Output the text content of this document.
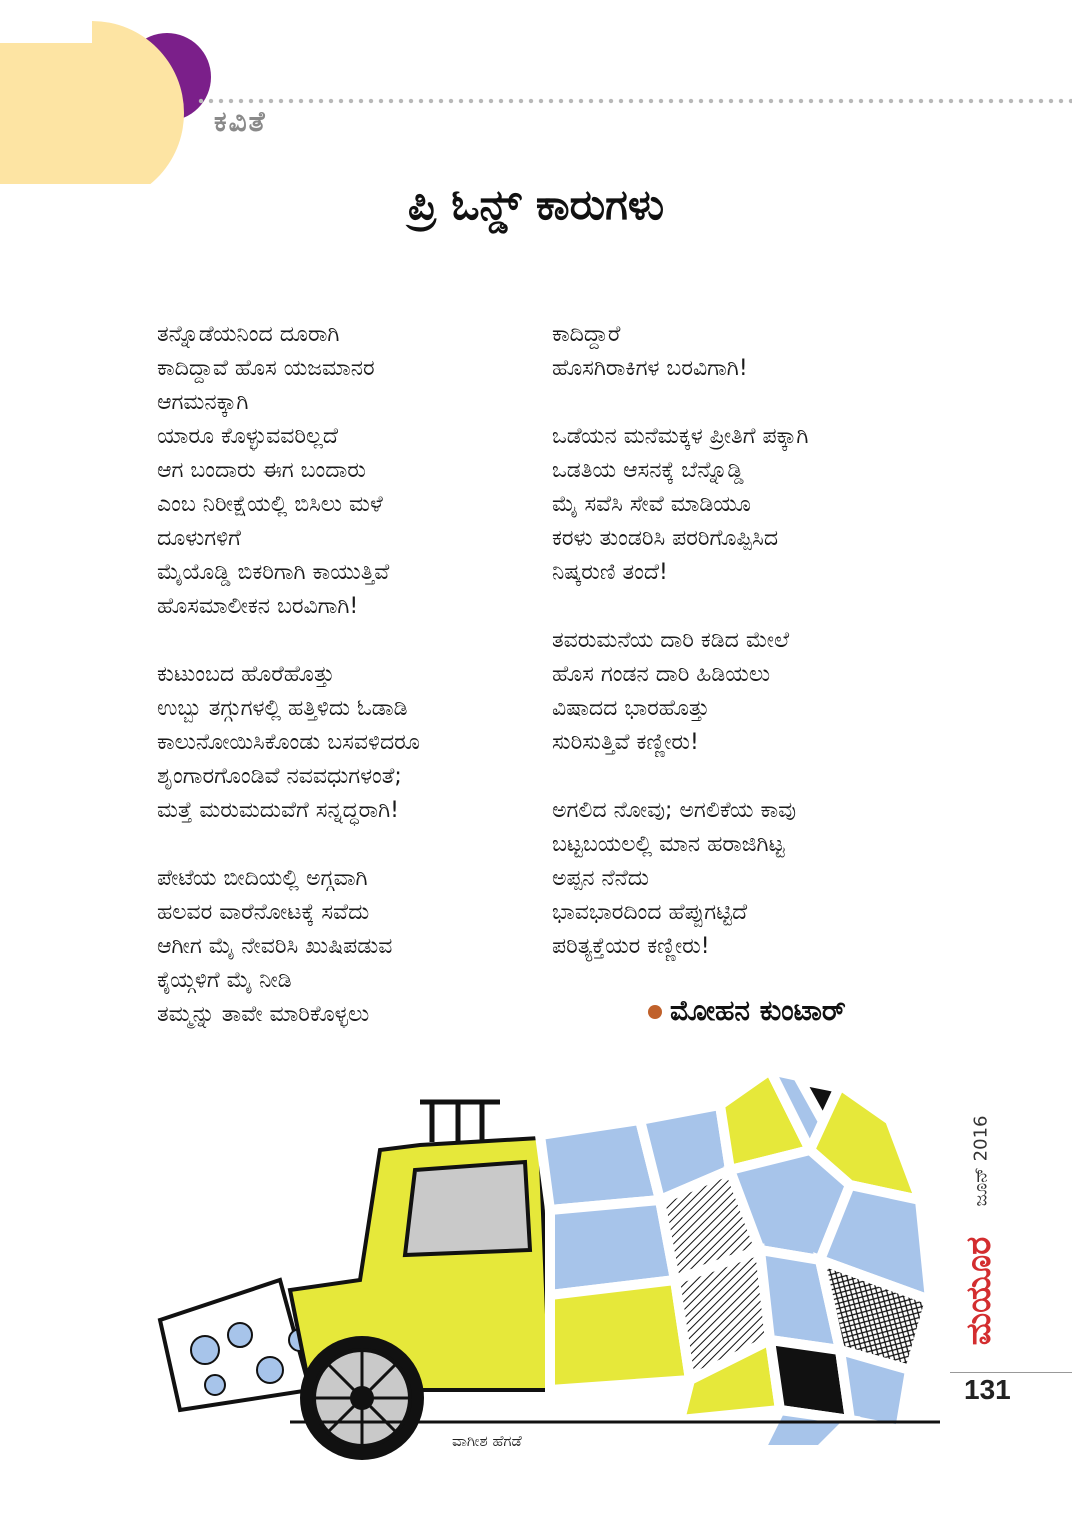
ಕವಿತೆ
ಪ್ರಿ ಓನ್ಡ್ ಕಾರುಗಳು
ತನ್ನೊಡೆಯನಿಂದ ದೂರಾಗಿ
ಕಾದಿದ್ದಾವೆ ಹೊಸ ಯಜಮಾನರ
ಆಗಮನಕ್ಕಾಗಿ
ಯಾರೂ ಕೊಳ್ಳುವವರಿಲ್ಲದೆ
ಆಗ ಬಂದಾರು ಈಗ ಬಂದಾರು
ಎಂಬ ನಿರೀಕ್ಷೆಯಲ್ಲಿ ಬಿಸಿಲು ಮಳೆ
ದೂಳುಗಳಿಗೆ
ಮೈಯೊಡ್ಡಿ ಬಿಕರಿಗಾಗಿ ಕಾಯುತ್ತಿವೆ
ಹೊಸಮಾಲೀಕನ ಬರವಿಗಾಗಿ!
ಕುಟುಂಬದ ಹೊರೆಹೊತ್ತು
ಉಬ್ಬು ತಗ್ಗುಗಳಲ್ಲಿ ಹತ್ತಿಳಿದು ಓಡಾಡಿ
ಕಾಲುನೋಯಿಸಿಕೊಂಡು ಬಸವಳಿದರೂ
ಶೃಂಗಾರಗೊಂಡಿವೆ ನವವಧುಗಳಂತೆ;
ಮತ್ತೆ ಮರುಮದುವೆಗೆ ಸನ್ನದ್ಧರಾಗಿ!
ಪೇಟೆಯ ಬೀದಿಯಲ್ಲಿ ಅಗ್ಗವಾಗಿ
ಹಲವರ ವಾರೆನೋಟಕ್ಕೆ ಸವೆದು
ಆಗೀಗ ಮೈ ನೇವರಿಸಿ ಖುಷಿಪಡುವ
ಕೈಯ್ಗಳಿಗೆ ಮೈ ನೀಡಿ
ತಮ್ಮನ್ನು ತಾವೇ ಮಾರಿಕೊಳ್ಳಲು
ಕಾದಿದ್ದಾರೆ
ಹೊಸಗಿರಾಕಿಗಳ ಬರವಿಗಾಗಿ!
ಒಡೆಯನ ಮನೆಮಕ್ಕಳ ಪ್ರೀತಿಗೆ ಪಕ್ಕಾಗಿ
ಒಡತಿಯ ಆಸನಕ್ಕೆ ಬೆನ್ನೊಡ್ಡಿ
ಮೈ ಸವೆಸಿ ಸೇವೆ ಮಾಡಿಯೂ
ಕರಳು ತುಂಡರಿಸಿ ಪರರಿಗೊಪ್ಪಿಸಿದ
ನಿಷ್ಕರುಣಿ ತಂದೆ!
ತವರುಮನೆಯ ದಾರಿ ಕಡಿದ ಮೇಲೆ
ಹೊಸ ಗಂಡನ ದಾರಿ ಹಿಡಿಯಲು
ವಿಷಾದದ ಭಾರಹೊತ್ತು
ಸುರಿಸುತ್ತಿವೆ ಕಣ್ಣೀರು!
ಅಗಲಿದ ನೋವು; ಅಗಲಿಕೆಯ ಕಾವು
ಬಟ್ಟಬಯಲಲ್ಲಿ ಮಾನ ಹರಾಜಿಗಿಟ್ಟ
ಅಪ್ಪನ ನೆನೆದು
ಭಾವಭಾರದಿಂದ ಹೆಪ್ಪುಗಟ್ಟಿದೆ
ಪರಿತ್ಯಕ್ತೆಯರ ಕಣ್ಣೀರು!
ಮೋಹನ ಕುಂಟಾರ್
ವಾಗೀಶ ಹೆಗಡೆ
ಜೂನ್ 2016
ಮಯೂರ
131
